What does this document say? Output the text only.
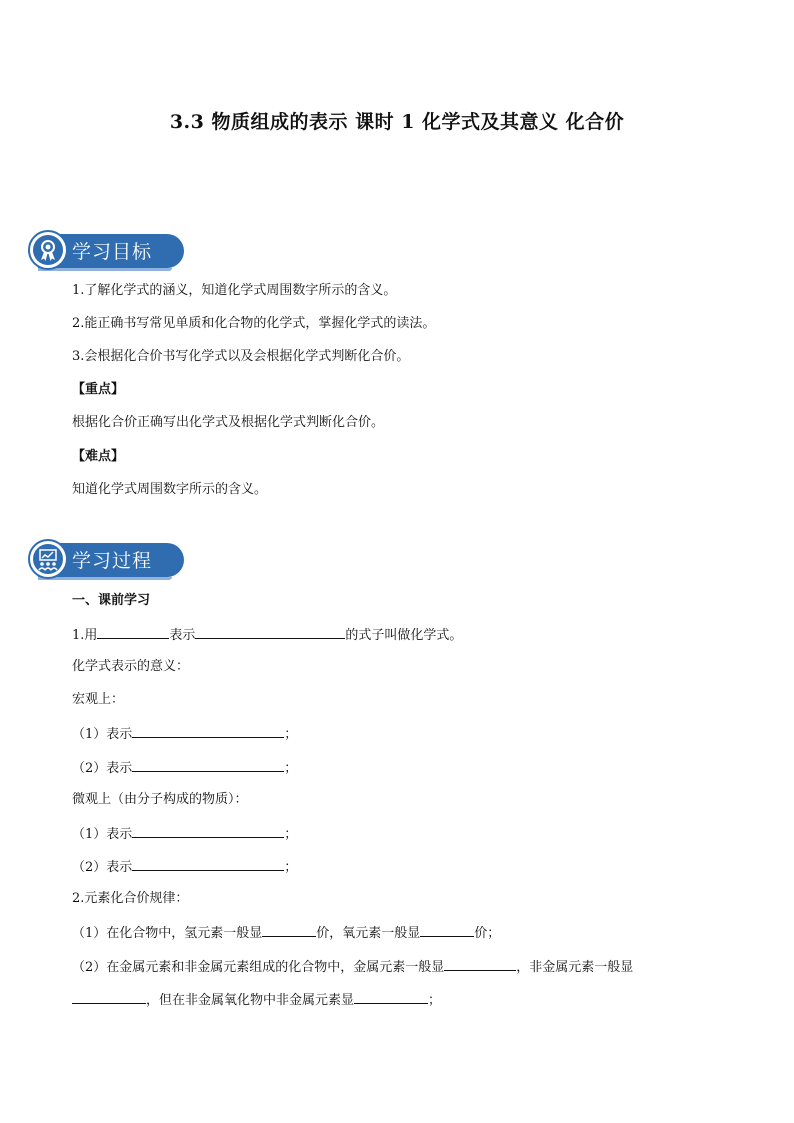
3.3 物质组成的表示 课时 1 化学式及其意义 化合价
学习目标
1.了解化学式的涵义，知道化学式周围数字所示的含义。
2.能正确书写常见单质和化合物的化学式，掌握化学式的读法。
3.会根据化合价书写化学式以及会根据化学式判断化合价。
【重点】
根据化合价正确写出化学式及根据化学式判断化合价。
【难点】
知道化学式周围数字所示的含义。
学习过程
一、课前学习
1.用	表示	的式子叫做化学式。
化学式表示的意义：
宏观上：
（1）表示	；
（2）表示	；
微观上（由分子构成的物质）：
（1）表示	；
（2）表示	；
2.元素化合价规律：
（1）在化合物中，氢元素一般显	价，氧元素一般显	价；
（2）在金属元素和非金属元素组成的化合物中，金属元素一般显	，非金属元素一般显
，但在非金属氧化物中非金属元素显	；
